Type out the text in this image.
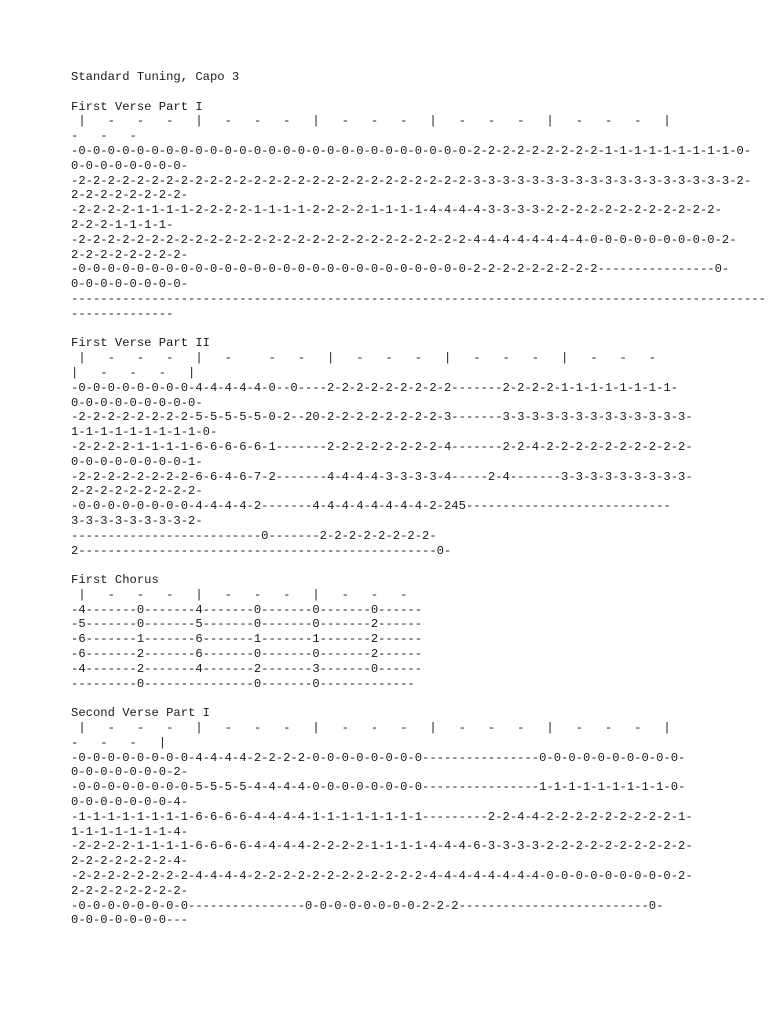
Standard Tuning, Capo 3
First Verse Part I
|   -   -   -   |   -   -   -   |   -   -   -   |   -   -   -   |   -   -   -   |
-   -   -
-0-0-0-0-0-0-0-0-0-0-0-0-0-0-0-0-0-0-0-0-0-0-0-0-0-0-0-2-2-2-2-2-2-2-2-2-1-1-1-1-1-1-1-1-1-0-
0-0-0-0-0-0-0-0-
-2-2-2-2-2-2-2-2-2-2-2-2-2-2-2-2-2-2-2-2-2-2-2-2-2-2-2-3-3-3-3-3-3-3-3-3-3-3-3-3-3-3-3-3-3-2-
2-2-2-2-2-2-2-2-
-2-2-2-2-1-1-1-1-2-2-2-2-1-1-1-1-2-2-2-2-1-1-1-1-4-4-4-4-3-3-3-3-2-2-2-2-2-2-2-2-2-2-2-2-
2-2-2-1-1-1-1-
-2-2-2-2-2-2-2-2-2-2-2-2-2-2-2-2-2-2-2-2-2-2-2-2-2-2-2-4-4-4-4-4-4-4-4-0-0-0-0-0-0-0-0-0-2-
2-2-2-2-2-2-2-2-
-0-0-0-0-0-0-0-0-0-0-0-0-0-0-0-0-0-0-0-0-0-0-0-0-0-0-0-2-2-2-2-2-2-2-2-2----------------0-
0-0-0-0-0-0-0-0-
-----------------------------------------------------------------------------------------------
--------------
First Verse Part II
|   -   -   -   |   -     -   -   |   -   -   -   |   -   -   -   |   -   -   -
|   -   -   -   |
-0-0-0-0-0-0-0-0-4-4-4-4-4-0--0----2-2-2-2-2-2-2-2-2-------2-2-2-2-1-1-1-1-1-1-1-1-
0-0-0-0-0-0-0-0-0-
-2-2-2-2-2-2-2-2-5-5-5-5-5-0-2--20-2-2-2-2-2-2-2-2-3-------3-3-3-3-3-3-3-3-3-3-3-3-3-
1-1-1-1-1-1-1-1-1-0-
-2-2-2-2-1-1-1-1-6-6-6-6-6-1-------2-2-2-2-2-2-2-2-4-------2-2-4-2-2-2-2-2-2-2-2-2-2-
0-0-0-0-0-0-0-0-1-
-2-2-2-2-2-2-2-2-6-6-4-6-7-2-------4-4-4-4-3-3-3-3-4-----2-4-------3-3-3-3-3-3-3-3-3-
2-2-2-2-2-2-2-2-2-
-0-0-0-0-0-0-0-0-4-4-4-4-2-------4-4-4-4-4-4-4-4-2-245----------------------------
3-3-3-3-3-3-3-3-2-
--------------------------0-------2-2-2-2-2-2-2-2-
2-------------------------------------------------0-
First Chorus
|   -   -   -   |   -   -   -   |   -   -   -
-4-------0-------4-------0-------0-------0------
-5-------0-------5-------0-------0-------2------
-6-------1-------6-------1-------1-------2------
-6-------2-------6-------0-------0-------2------
-4-------2-------4-------2-------3-------0------
---------0---------------0-------0-------------
Second Verse Part I
|   -   -   -   |   -   -   -   |   -   -   -   |   -   -   -   |   -   -   -   |
-   -   -   |
-0-0-0-0-0-0-0-0-4-4-4-4-2-2-2-2-0-0-0-0-0-0-0-0----------------0-0-0-0-0-0-0-0-0-0-
0-0-0-0-0-0-0-2-
-0-0-0-0-0-0-0-0-5-5-5-5-4-4-4-4-0-0-0-0-0-0-0-0----------------1-1-1-1-1-1-1-1-1-0-
0-0-0-0-0-0-0-4-
-1-1-1-1-1-1-1-1-6-6-6-6-4-4-4-4-1-1-1-1-1-1-1-1---------2-2-4-4-2-2-2-2-2-2-2-2-2-1-
1-1-1-1-1-1-1-4-
-2-2-2-2-1-1-1-1-6-6-6-6-4-4-4-4-2-2-2-2-1-1-1-1-4-4-4-6-3-3-3-3-2-2-2-2-2-2-2-2-2-2-
2-2-2-2-2-2-2-4-
-2-2-2-2-2-2-2-2-4-4-4-4-2-2-2-2-2-2-2-2-2-2-2-2-4-4-4-4-4-4-4-4-0-0-0-0-0-0-0-0-0-2-
2-2-2-2-2-2-2-2-
-0-0-0-0-0-0-0-0----------------0-0-0-0-0-0-0-0-2-2-2--------------------------0-
0-0-0-0-0-0-0---
